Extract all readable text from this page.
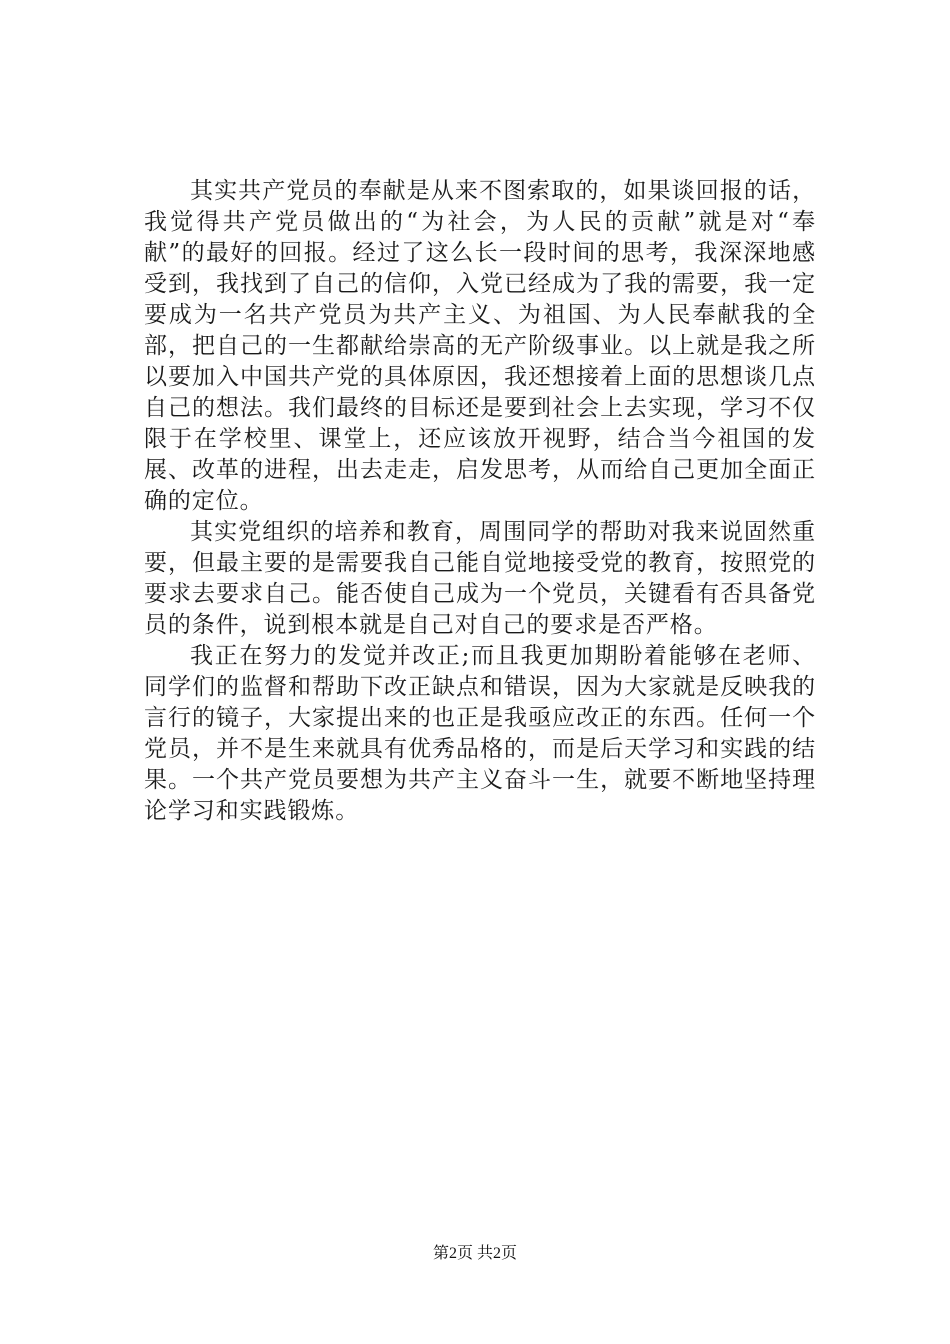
其实共产党员的奉献是从来不图索取的，如果谈回报的话，我觉得共产党员做出的“为社会，为人民的贡献”就是对“奉献”的最好的回报。经过了这么长一段时间的思考，我深深地感受到，我找到了自己的信仰，入党已经成为了我的需要，我一定要成为一名共产党员为共产主义、为祖国、为人民奉献我的全部，把自己的一生都献给崇高的无产阶级事业。以上就是我之所以要加入中国共产党的具体原因，我还想接着上面的思想谈几点自己的想法。我们最终的目标还是要到社会上去实现，学习不仅限于在学校里、课堂上，还应该放开视野，结合当今祖国的发展、改革的进程，出去走走，启发思考，从而给自己更加全面正确的定位。

其实党组织的培养和教育，周围同学的帮助对我来说固然重要，但最主要的是需要我自己能自觉地接受党的教育，按照党的要求去要求自己。能否使自己成为一个党员，关键看有否具备党员的条件，说到根本就是自己对自己的要求是否严格。

我正在努力的发觉并改正;而且我更加期盼着能够在老师、同学们的监督和帮助下改正缺点和错误，因为大家就是反映我的言行的镜子，大家提出来的也正是我亟应改正的东西。任何一个党员，并不是生来就具有优秀品格的，而是后天学习和实践的结果。一个共产党员要想为共产主义奋斗一生，就要不断地坚持理论学习和实践锻炼。

第2页 共2页
